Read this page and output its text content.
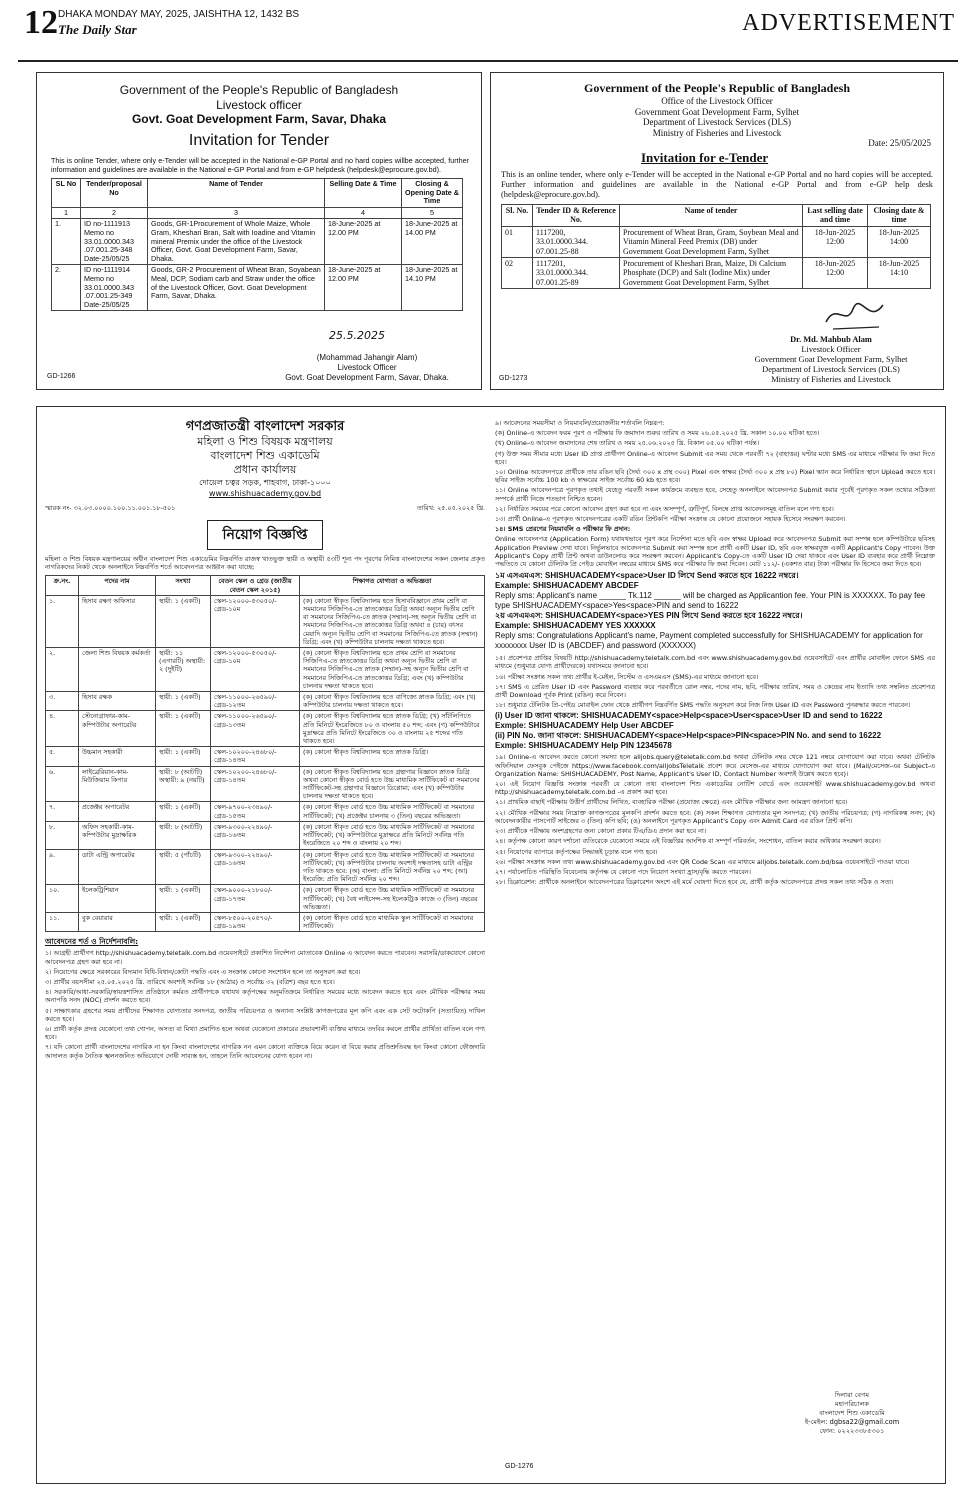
12 DHAKA MONDAY MAY, 2025, JAISHTHA 12, 1432 BS
The Daily Star	ADVERTISEMENT
Government of the People's Republic of Bangladesh
Livestock officer
Govt. Goat Development Farm, Savar, Dhaka
Invitation for Tender
This is online Tender, where only e-Tender will be accepted in the National e-GP Portal and no hard copies willbe accepted, further information and guidelines are available in the National e-GP Portal and from e-GP helpdesk (helpdesk@eprocure.gov.bd).
SL No	Tender/proposal No	Name of Tender	Selling Date & Time	Closing & Opening Date & Time
1	2	3	4	5
1.	ID no-1111913 Memo no 33.01.0000.343 .07.001.25-348 Date-25/05/25	Goods, GR-1Procurement of Whole Maize, Whole Gram, Kheshari Bran, Salt with Ioadine and Vitamin mineral Premix under the office of the Livestock Officer, Govt. Goat Development Farm, Savar, Dhaka.	18-June-2025 at 12.00 PM	18-June-2025 at 14.00 PM
2.	ID no-1111914 Memo no 33.01.0000.343 .07.001.25-349 Date-25/05/25	Goods, GR-2 Procurement of Wheat Bran, Soyabean Meal, DCP, Sodiam carb and Straw under the office of the Livestock Officer, Govt. Goat Development Farm, Savar, Dhaka.	18-June-2025 at 12.00 PM	18-June-2025 at 14.10 PM
25.5.2025
(Mohammad Jahangir Alam)
Livestock Officer
Govt. Goat Development Farm, Savar, Dhaka.
GD-1266
Government of the People's Republic of Bangladesh
Office of the Livestock Officer
Government Goat Development Farm, Sylhet
Department of Livestock Services (DLS)
Ministry of Fisheries and Livestock
Date: 25/05/2025
Invitation for e-Tender
This is an online tender, where only e-Tender will be accepted in the National e-GP Portal and no hard copies will be accepted. Further information and guidelines are available in the National e-GP Portal and from e-GP help desk (helpdesk@eprocure.gov.bd).
Sl. No.	Tender ID & Reference No.	Name of tender	Last selling date and time	Closing date & time
01	1117200, 33.01.0000.344. 07.001.25-88	Procurement of Wheat Bran, Gram, Soybean Meal and Vitamin Mineral Feed Premix (DB) under Government Goat Development Farm, Sylhet	18-Jun-2025 12:00	18-Jun-2025 14:00
02	1117201, 33.01.0000.344. 07.001.25-89	Procurement of Kheshari Bran, Maize, Di Calcium Phosphate (DCP) and Salt (Iodine Mix) under Government Goat Development Farm, Sylhet	18-Jun-2025 12:00	18-Jun-2025 14:10
Dr. Md. Mahbub Alam
Livestock Officer
Government Goat Development Farm, Sylhet
Department of Livestock Services (DLS)
Ministry of Fisheries and Livestock
GD-1273
গণপ্রজাতন্ত্রী বাংলাদেশ সরকার
মহিলা ও শিশু বিষয়ক মন্ত্রণালয়
বাংলাদেশ শিশু একাডেমি
প্রধান কার্যালয়
দোয়েল চত্বর সড়ক, শাহবাগ, ঢাকা-১০০০
www.shishuacademy.gov.bd
স্মারক নং- ৩২.০৩.০০০০.১০০.১১.০০১.১৮-৫০১	তারিখ: ২৫.০৫.২০২৫ খ্রি.
নিয়োগ বিজ্ঞপ্তি
মহিলা ও শিশু বিষয়ক মন্ত্রণালয়ের অধীন বাংলাদেশ শিশু একাডেমির নিম্নবর্ণিত রাজস্ব খাতভুক্ত স্থায়ী ও অস্থায়ী ৫৩টি শূন্য পদ পূরণের নিমিত্ত বাংলাদেশের সকল জেলার প্রকৃত নাগরিকদের নিকট থেকে অনলাইনে নিম্নবর্ণিত শর্তে আবেদনপত্র আহ্বান করা যাচ্ছে:
ক্র.নং.	পদের নাম	সংখ্যা	বেতন স্কেল ও গ্রেড (জাতীয় বেতন স্কেল ২০১৫)	শিক্ষাগত যোগ্যতা ও অভিজ্ঞতা
১.	হিসাব রক্ষণ অফিসার	স্থায়ী: ১ (একটি)	স্কেল-১২০০০-৫৩০৫০/- গ্রেড-১০ম	(ক) কোনো স্বীকৃত বিশ্ববিদ্যালয় হতে হিসাববিজ্ঞানে প্রথম শ্রেণি বা সমমানের সিজিপিএ-তে স্নাতকোত্তর ডিগ্রি অথবা অন্যূন দ্বিতীয় শ্রেণি বা সমমানের সিজিপিএ-তে স্নাতক (সম্মান)-সহ অন্যূন দ্বিতীয় শ্রেণি বা সমমানের সিজিপিএ-তে স্নাতকোত্তর ডিগ্রি অথবা ৪ (চার) বৎসর মেয়াদি অন্যূন দ্বিতীয় শ্রেণি বা সমমানের সিজিপিএ-তে স্নাতক (সম্মান) ডিগ্রি; এবং (খ) কম্পিউটার চালনায় দক্ষতা থাকতে হবে।
২.	জেলা শিশু বিষয়ক কর্মকর্তা	স্থায়ী: ১১ (এগারটি) অস্থায়ী: ২ (দুইটি)	স্কেল-১২০০০-৫৩০৫০/- গ্রেড-১০ম	(ক) কোনো স্বীকৃত বিশ্ববিদ্যালয় হতে প্রথম শ্রেণি বা সমমানের সিজিপিএ-তে স্নাতকোত্তর ডিগ্রি অথবা অন্যূন দ্বিতীয় শ্রেণি বা সমমানের সিজিপিএ-তে স্নাতক (সম্মান)-সহ অন্যূন দ্বিতীয় শ্রেণি বা সমমানের সিজিপিএ-তে স্নাতকোত্তর ডিগ্রি; এবং (খ) কম্পিউটার চালনায় দক্ষতা থাকতে হবে।
৩.	হিসাব রক্ষক	স্থায়ী: ১ (একটি)	স্কেল-১১০০০-২৬৫৯০/- গ্রেড-১২তম	(ক) কোনো স্বীকৃত বিশ্ববিদ্যালয় হতে বাণিজ্যে স্নাতক ডিগ্রি; এবং (খ) কম্পিউটার চালনায় দক্ষতা থাকতে হবে।
৪.	স্টেনোগ্রাফার-কাম-কম্পিউটার অপারেটর	স্থায়ী: ১ (একটি)	স্কেল-১১০০০-২৬৫৯০/- গ্রেড-১৩তম	(ক) কোনো স্বীকৃত বিশ্ববিদ্যালয় হতে স্নাতক ডিগ্রি; (খ) সাঁটলিপিতে প্রতি মিনিটে ইংরেজিতে ৮০ ও বাংলায় ৫০ শব্দ; এবং (গ) কম্পিউটারে মুদ্রাক্ষরে প্রতি মিনিটে ইংরেজিতে ৩০ ও বাংলায় ২৫ শব্দের গতি থাকতে হবে।
৫.	উচ্চমান সহকারী	স্থায়ী: ১ (একটি)	স্কেল-১০২০০-২৪৬৮০/- গ্রেড-১৪তম	(ক) কোনো স্বীকৃত বিশ্ববিদ্যালয় হতে স্নাতক ডিগ্রি।
৬.	লাইব্রেরিয়ান-কাম-মিউজিয়াম কিপার	স্থায়ী: ৮ (আটটি) অস্থায়ী: ৯ (নয়টি)	স্কেল-১০২০০-২৪৬৮০/- গ্রেড-১৪তম	(ক) কোনো স্বীকৃত বিশ্ববিদ্যালয় হতে গ্রন্থাগার বিজ্ঞানে স্নাতক ডিগ্রি অথবা কোনো স্বীকৃত বোর্ড হতে উচ্চ মাধ্যমিক সার্টিফিকেট বা সমমানের সার্টিফিকেট-সহ গ্রন্থাগার বিজ্ঞানে ডিপ্লোমা; এবং (খ) কম্পিউটার চালনায় দক্ষতা থাকতে হবে।
৭.	প্রজেক্টর অপারেটর	স্থায়ী: ১ (একটি)	স্কেল-৯৭০০-২৩৪৯০/- গ্রেড-১৫তম	(ক) কোনো স্বীকৃত বোর্ড হতে উচ্চ মাধ্যমিক সার্টিফিকেট বা সমমানের সার্টিফিকেট; (খ) প্রজেক্টর চালনায় ৩ (তিন) বছরের অভিজ্ঞতা।
৮.	অফিস সহকারী-কাম-কম্পিউটার মুদ্রাক্ষরিক	স্থায়ী: ৮ (আটটি)	স্কেল-৯৩০০-২২৪৯০/- গ্রেড-১৬তম	(ক) কোনো স্বীকৃত বোর্ড হতে উচ্চ মাধ্যমিক সার্টিফিকেট বা সমমানের সার্টিফিকেট; (খ) কম্পিউটারে মুদ্রাক্ষরে প্রতি মিনিটে সর্বনিম্ন গতি ইংরেজিতে ২০ শব্দ ও বাংলায় ২০ শব্দ।
৯.	ডাটা এন্ট্রি অপারেটর	স্থায়ী: ৫ (পাঁচটি)	স্কেল-৯৩০০-২২৪৯০/- গ্রেড-১৬তম	(ক) কোনো স্বীকৃত বোর্ড হতে উচ্চ মাধ্যমিক সার্টিফিকেট বা সমমানের সার্টিফিকেট; (খ) কম্পিউটার চালনায় অবশ্যই দক্ষতাসহ ডাটা এন্ট্রির গতি থাকতে হবে: (অ) বাংলা: প্রতি মিনিটে সর্বনিম্ন ২০ শব্দ; (আ) ইংরেজি: প্রতি মিনিটে সর্বনিম্ন ২০ শব্দ।
১০.	ইলেকট্রিশিয়ান	স্থায়ী: ১ (একটি)	স্কেল-৯০০০-২১৮০০/- গ্রেড-১৭তম	(ক) কোনো স্বীকৃত বোর্ড হতে উচ্চ মাধ্যমিক সার্টিফিকেট বা সমমানের সার্টিফিকেট; (খ) বৈধ লাইসেন্স-সহ ইলেকট্রিক কাজে ৩ (তিন) বছরের অভিজ্ঞতা।
১১.	বুক বেয়ারার	স্থায়ী: ১ (একটি)	স্কেল-৮৫০০-২০৫৭০/- গ্রেড-১৯তম	(ক) কোনো স্বীকৃত বোর্ড হতে মাধ্যমিক স্কুল সার্টিফিকেট বা সমমানের সার্টিফিকেট।
আবেদনের শর্ত ও নির্দেশনাবলি:

১। আগ্রহী প্রার্থীগণ http://shishuacademy.teletalk.com.bd ওয়েবসাইটে প্রকাশিত নির্দেশনা মোতাবেক Online এ আবেদন করতে পারবেন। সরাসরি/ডাকযোগে কোনো আবেদনপত্র গ্রহণ করা হবে না।

২। নিয়োগের ক্ষেত্রে সরকারের বিদ্যমান বিধি-বিধান/কোটা পদ্ধতি এবং এ সংক্রান্ত কোনো সংশোধন হলে তা অনুসরণ করা হবে।

৩। প্রার্থীর বয়সসীমা ২৫.০৫.২০২৫ খ্রি. তারিখে অবশ্যই সর্বনিম্ন ১৮ (আঠার) ও সর্বোচ্চ ৩২ (বত্রিশ) বছর হতে হবে।

৪। সরকারি/আধা-সরকারি/স্বায়ত্তশাসিত প্রতিষ্ঠানে কর্মরত প্রার্থীগণকে যথাযথ কর্তৃপক্ষের অনুমতিক্রমে নির্ধারিত সময়ের মধ্যে আবেদন করতে হবে এবং মৌখিক পরীক্ষার সময় অনাপত্তি সনদ (NOC) প্রদর্শন করতে হবে।

৫। সাক্ষাৎকার গ্রহণের সময় প্রার্থীদের শিক্ষাগত যোগ্যতার সনদপত্র, জাতীয় পরিচয়পত্র ও অন্যান্য সংশ্লিষ্ট কাগজপত্রের মূল কপি এবং এক সেট ফটোকপি (সত্যায়িত) দাখিল করতে হবে।

৬। প্রার্থী কর্তৃক প্রদত্ত যেকোনো তথ্য গোপন, অসত্য বা মিথ্যা প্রমাণিত হলে অথবা যেকোনো প্রকারের প্রভাবশালী ব্যক্তির মাধ্যমে তদবির করলে প্রার্থীর প্রার্থিতা বাতিল বলে গণ্য হবে।

৭। যদি কোনো প্রার্থী বাংলাদেশের নাগরিক না হন কিংবা বাংলাদেশের নাগরিক নন এমন কোনো ব্যক্তিকে বিয়ে করেন বা বিয়ে করার প্রতিশ্রুতিবদ্ধ হন কিংবা কোনো ফৌজদারি আদালত কর্তৃক নৈতিক স্খলনজনিত অভিযোগে দোষী সাব্যস্ত হন, তাহলে তিনি আবেদনের যোগ্য হবেন না।

৯। আবেদনের সময়সীমা ও নিয়মাবলি/প্রয়োজনীয় শর্তাবলি নিম্নরূপ:

(ক) Online-এ আবেদন ফরম পূরণ ও পরীক্ষার ফি জমাদান শুরুর তারিখ ও সময় ২৬.০৫.২০২৫ খ্রি. সকাল ১০.০০ ঘটিকা হতে।

(খ) Online-এ আবেদন জমাদানের শেষ তারিখ ও সময় ২৫.০৬.২০২৫ খ্রি. বিকাল ০৫.০০ ঘটিকা পর্যন্ত।

(গ) উক্ত সময় সীমার মধ্যে User ID প্রাপ্ত প্রার্থীগণ Online-এ আবেদন Submit এর সময় থেকে পরবর্তী ৭২ (বাহাত্তর) ঘণ্টার মধ্যে SMS এর মাধ্যমে পরীক্ষার ফি জমা দিতে হবে।

১০। Online আবেদনপত্রে প্রার্থীকে তার রঙিন ছবি (দৈর্ঘ্য ৩০০ x প্রস্থ ৩০০) Pixel এবং স্বাক্ষর (দৈর্ঘ্য ৩০০ x প্রস্থ ৮০) Pixel স্ক্যান করে নির্ধারিত স্থানে Upload করতে হবে। ছবির সাইজ সর্বোচ্চ 100 kb ও স্বাক্ষরের সাইজ সর্বোচ্চ 60 kb হতে হবে।

১১। Online আবেদনপত্রে পূরণকৃত তথ্যই যেহেতু পরবর্তী সকল কার্যক্রমে ব্যবহৃত হবে, সেহেতু অনলাইনে আবেদনপত্র Submit করার পূর্বেই পূরণকৃত সকল তথ্যের সঠিকতা সম্পর্কে প্রার্থী নিজে শতভাগ নিশ্চিত হবেন।

১২। নির্ধারিত সময়ের পরে কোনো আবেদন গ্রহণ করা হবে না এবং অসম্পূর্ণ, ত্রুটিপূর্ণ, বিলম্বে প্রাপ্ত আবেদনসমূহ বাতিল বলে গণ্য হবে।

১৩। প্রার্থী Online-এ পূরণকৃত আবেদনপত্রের একটি রঙিন প্রিন্টকপি পরীক্ষা সংক্রান্ত যে কোনো প্রয়োজনে সহায়ক হিসেবে সংরক্ষণ করবেন।

১৪। SMS প্রেরণের নিয়মাবলি ও পরীক্ষার ফি প্রদান:

Online আবেদনপত্র (Application Form) যথাযথভাবে পূরণ করে নির্দেশনা মতে ছবি এবং স্বাক্ষর Upload করে আবেদনপত্র Submit করা সম্পন্ন হলে কম্পিউটারে ছবিসহ Application Preview দেখা যাবে। নির্ভুলভাবে আবেদনপত্র Submit করা সম্পন্ন হলে প্রার্থী একটি User ID, ছবি এবং স্বাক্ষরযুক্ত একটি Applicant's Copy পাবেন। উক্ত Applicant's Copy প্রার্থী প্রিন্ট অথবা ডাউনলোড করে সংরক্ষণ করবেন। Applicant's Copy-তে একটি User ID দেয়া থাকবে এবং User ID ব্যবহার করে প্রার্থী নিম্নোক্ত পদ্ধতিতে যে কোনো টেলিটক প্রি পেইড মোবাইল নম্বরের মাধ্যমে SMS করে পরীক্ষার ফি জমা দিবেন। মোট ১১২/- (একশত বার) টাকা পরীক্ষার ফি হিসেবে জমা দিতে হবে।

১ম এসএমএস: SHISHUACADEMY<space>User ID লিখে Send করতে হবে 16222 নম্বরে।
Example: SHISHUACADEMY ABCDEF
Reply sms: Applicant's name ______ Tk.112 ______ will be charged as Applicantion fee. Your PIN is XXXXXX. To pay fee type SHISHUACADEMY<space>Yes<space>PIN and send to 16222
২য় এসএমএস: SHISHUACADEMY<space>YES PIN লিখে Send করতে হবে 16222 নম্বরে।
Example: SHISHUACADEMY YES XXXXXX
Reply sms: Congratulations Applicant's name, Payment completed successfully for SHISHUACADEMY for application for xxxxxxxx User ID is (ABCDEF) and password (XXXXXX)

১৫। প্রবেশপত্র প্রাপ্তির বিষয়টি http://shishuacademy.teletalk.com.bd এবং www.shishuacademy.gov.bd ওয়েবসাইটে এবং প্রার্থীর মোবাইল ফোনে SMS এর মাধ্যমে (শুধুমাত্র যোগ্য প্রার্থীদেরকে) যথাসময়ে জানানো হবে।

১৬। পরীক্ষা সংক্রান্ত সকল তথ্য প্রার্থীর ই-মেইল, সিস্টেম ও এসএমএস (SMS)-এর মাধ্যমে জানানো হবে।

১৭। SMS এ প্রেরিত User ID এবং Password ব্যবহার করে পরবর্তীতে রোল নম্বর, পদের নাম, ছবি, পরীক্ষার তারিখ, সময় ও কেন্দ্রের নাম ইত্যাদি তথ্য সম্বলিত প্রবেশপত্র প্রার্থী Download পূর্বক Print (রঙিন) করে নিবেন।

১৮। শুধুমাত্র টেলিটক প্রি-পেইড মোবাইল ফোন থেকে প্রার্থীগণ নিম্নবর্ণিত SMS পদ্ধতি অনুসরণ করে নিজ নিজ User ID এবং Password পুনরুদ্ধার করতে পারবেন।

(i) User ID জানা থাকলে: SHISHUACADEMY<space>Help<space>User<space>User ID and send to 16222
Exmple: SHISHUACADEMY Help User ABCDEF
(ii) PIN No. জানা থাকলে: SHISHUACADEMY<space>Help<space>PIN<space>PIN No. and send to 16222
Exmple: SHISHUACADEMY Help PIN 12345678

১৯। Online-এ আবেদন করতে কোনো সমস্যা হলে alljobs.query@teletalk.com.bd অথবা টেলিটক নম্বর থেকে 121 নম্বরে যোগাযোগ করা যাবে। অথবা টেলিটক অফিসিয়াল ফেসবুক পেইজে https://www.facebook.com/alljobsTeletalk প্রবেশ করে মেসেজ-এর মাধ্যমে যোগাযোগ করা যাবে। (Mail/মেসেজ-এর Subject-এ Organization Name: SHISHUACADEMY, Post Name, Applicant's User ID, Contact Number অবশ্যই উল্লেখ করতে হবে)।

২০। এই নিয়োগ বিজ্ঞপ্তি সংক্রান্ত পরবর্তী যে কোনো তথ্য বাংলাদেশ শিশু একাডেমির নোটিশ বোর্ডে এবং ওয়েবসাইট www.shishuacademy.gov.bd অথবা http://shishuacademy.teletalk.com.bd -এ প্রকাশ করা হবে।

২১। প্রাথমিক বাছাই পরীক্ষায় উত্তীর্ণ প্রার্থীদের লিখিত, ব্যবহারিক পরীক্ষা (প্রযোজ্য ক্ষেত্রে) এবং মৌখিক পরীক্ষার জন্য আমন্ত্রণ জানানো হবে।

২২। মৌখিক পরীক্ষার সময় নিম্নোক্ত কাগজপত্রের মূলকপি প্রদর্শন করতে হবে: (ক) সকল শিক্ষাগত যোগ্যতার মূল সনদপত্র; (খ) জাতীয় পরিচয়পত্র; (গ) নাগরিকত্ব সনদ; (ঘ) আবেদনকারীর পাসপোর্ট সাইজের ৩ (তিন) কপি ছবি; (ঙ) অনলাইনে পূরণকৃত Applicant's Copy এবং Admit Card এর রঙিন প্রিন্ট কপি।

২৩। প্রার্থীকে পরীক্ষায় অংশগ্রহণের জন্য কোনো প্রকার টিএ/ডিএ প্রদান করা হবে না।

২৪। কর্তৃপক্ষ কোনো কারণ দর্শানো ব্যতিরেকে যেকোনো সময়ে এই বিজ্ঞপ্তির আংশিক বা সম্পূর্ণ পরিবর্তন, সংশোধন, বাতিল করার অধিকার সংরক্ষণ করেন।

২৫। নিয়োগের ব্যাপারে কর্তৃপক্ষের সিদ্ধান্তই চূড়ান্ত বলে গণ্য হবে।

২৬। পরীক্ষা সংক্রান্ত সকল তথ্য www.shishuacademy.gov.bd এবং QR Code Scan এর মাধ্যমে alljobs.teletalk.com.bd/bsa ওয়েবসাইটে পাওয়া যাবে।

২৭। পর্যালোচিত পরিস্থিতি বিবেচনায় কর্তৃপক্ষ যে কোনো পদে নিয়োগ সংখ্যা হ্রাস/বৃদ্ধি করতে পারবেন।

২৮। ডিক্লারেশন: প্রার্থীকে অনলাইনে আবেদনপত্রের ডিক্লারেশন অংশে এই মর্মে ঘোষণা দিতে হবে যে, প্রার্থী কর্তৃক আবেদনপত্রে প্রদত্ত সকল তথ্য সঠিক ও সত্য।

দিলারা বেগম
মহাপরিচালক
বাংলাদেশ শিশু একাডেমি
ই-মেইল: dgbsa22@gmail.com
ফোন: ০২২২৩৩৮৫৩০১
GD-1276
